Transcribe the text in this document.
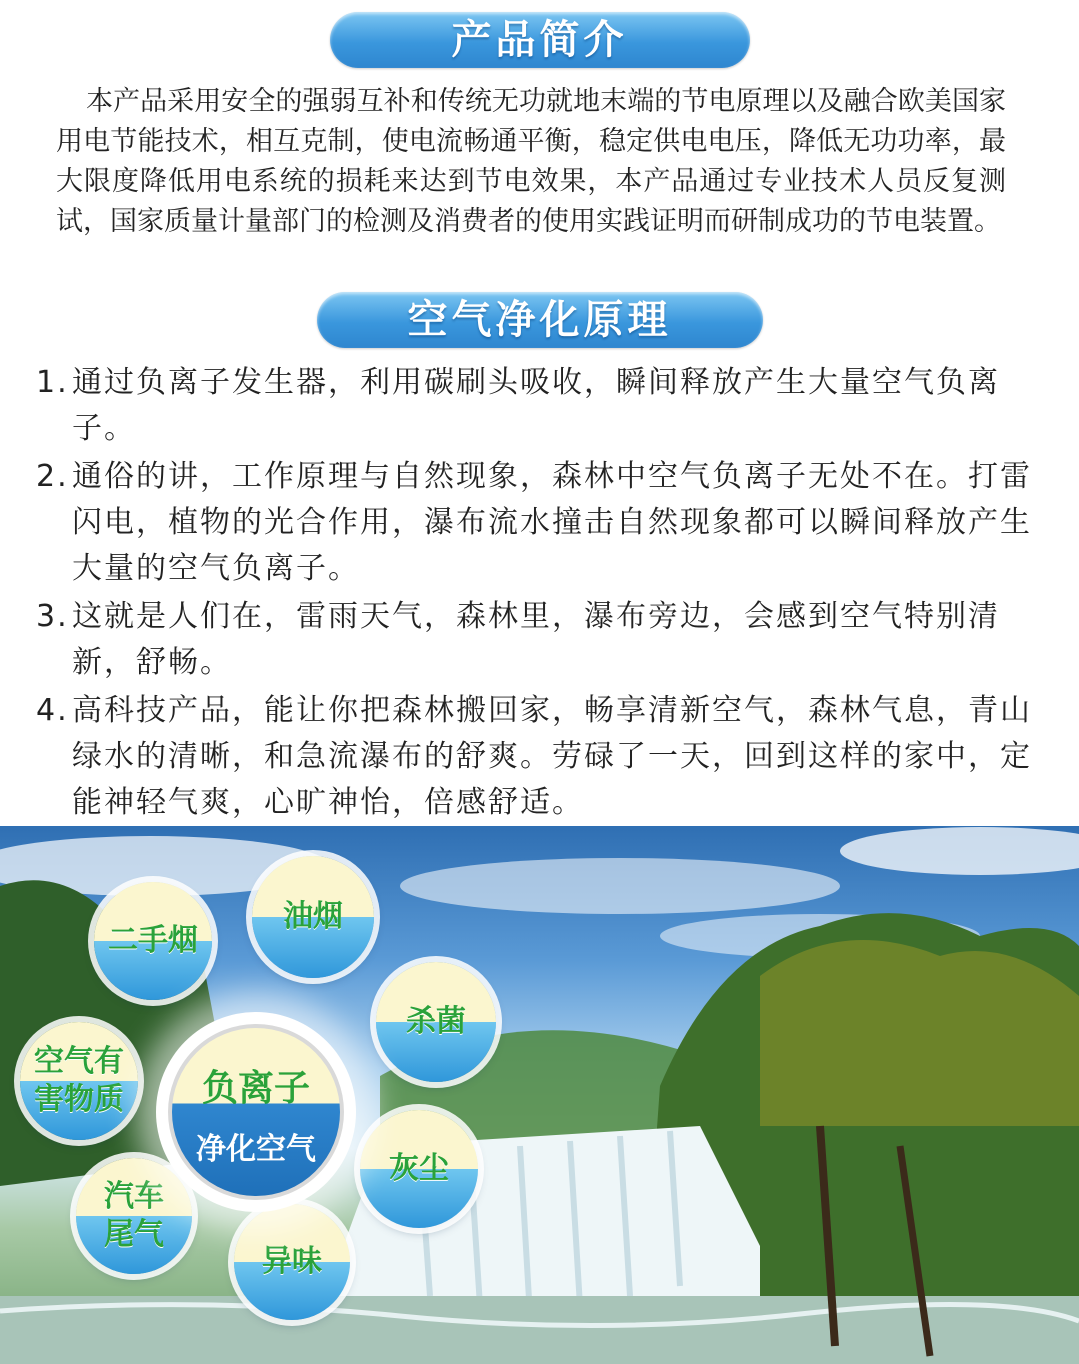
产品简介

本产品采用安全的强弱互补和传统无功就地末端的节电原理以及融合欧美国家用电节能技术，相互克制，使电流畅通平衡，稳定供电电压，降低无功功率，最大限度降低用电系统的损耗来达到节电效果，本产品通过专业技术人员反复测试，国家质量计量部门的检测及消费者的使用实践证明而研制成功的节电装置。

空气净化原理
1. 通过负离子发生器，利用碳刷头吸收，瞬间释放产生大量空气负离子。
2. 通俗的讲，工作原理与自然现象，森林中空气负离子无处不在。打雷闪电，植物的光合作用，瀑布流水撞击自然现象都可以瞬间释放产生大量的空气负离子。
3. 这就是人们在，雷雨天气，森林里，瀑布旁边，会感到空气特别清新，舒畅。
4. 高科技产品，能让你把森林搬回家，畅享清新空气，森林气息，青山绿水的清晰，和急流瀑布的舒爽。劳碌了一天，回到这样的家中，定能神轻气爽，心旷神怡，倍感舒适。
二手烟
油烟
杀菌
空气有
害物质
灰尘
汽车
尾气
异味
负离子
净化空气
